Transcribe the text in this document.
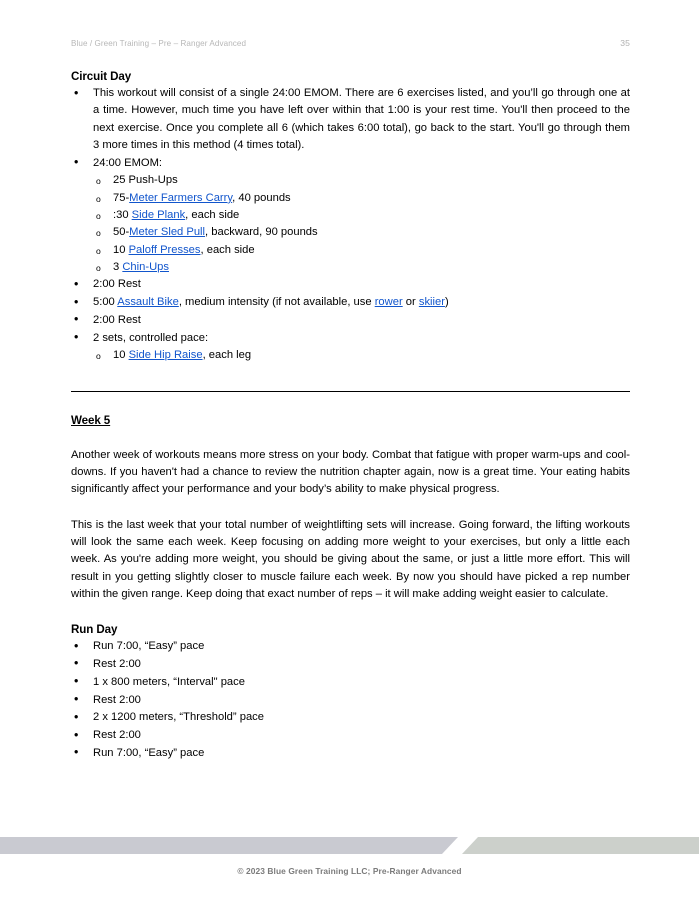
Blue / Green Training – Pre – Ranger Advanced	35
Circuit Day
• This workout will consist of a single 24:00 EMOM. There are 6 exercises listed, and you’ll go through one at a time. However, much time you have left over within that 1:00 is your rest time. You'll then proceed to the next exercise. Once you complete all 6 (which takes 6:00 total), go back to the start. You'll go through them 3 more times in this method (4 times total).
• 24:00 EMOM:
o 25 Push-Ups
o 75-Meter Farmers Carry, 40 pounds
o :30 Side Plank, each side
o 50-Meter Sled Pull, backward, 90 pounds
o 10 Paloff Presses, each side
o 3 Chin-Ups
• 2:00 Rest
• 5:00 Assault Bike, medium intensity (if not available, use rower or skiier)
• 2:00 Rest
• 2 sets, controlled pace:
o 10 Side Hip Raise, each leg
Week 5

Another week of workouts means more stress on your body. Combat that fatigue with proper warm-ups and cool-downs. If you haven't had a chance to review the nutrition chapter again, now is a great time. Your eating habits significantly affect your performance and your body’s ability to make physical progress.

This is the last week that your total number of weightlifting sets will increase. Going forward, the lifting workouts will look the same each week. Keep focusing on adding more weight to your exercises, but only a little each week. As you're adding more weight, you should be giving about the same, or just a little more effort. This will result in you getting slightly closer to muscle failure each week. By now you should have picked a rep number within the given range. Keep doing that exact number of reps – it will make adding weight easier to calculate.

Run Day
• Run 7:00, “Easy” pace
• Rest 2:00
• 1 x 800 meters, “Interval" pace
• Rest 2:00
• 2 x 1200 meters, “Threshold” pace
• Rest 2:00
• Run 7:00, “Easy” pace
© 2023 Blue Green Training LLC; Pre-Ranger Advanced
